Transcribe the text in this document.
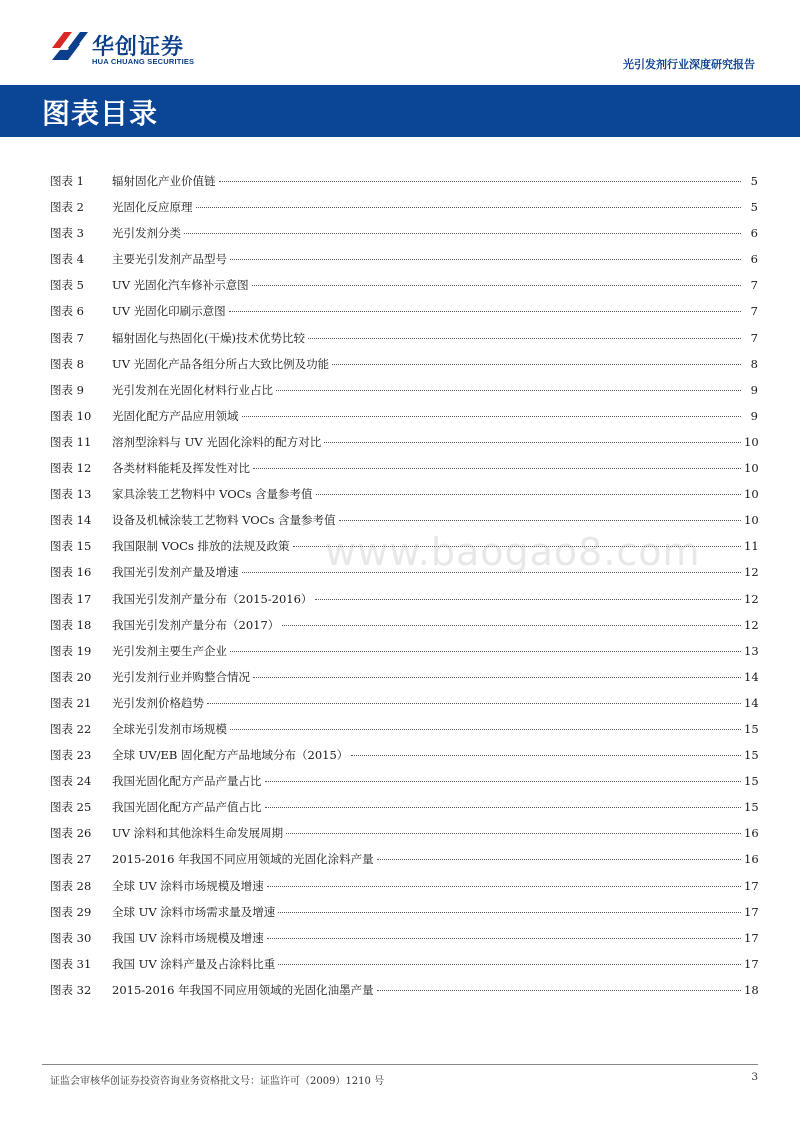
华创证券
HUA CHUANG SECURITIES	光引发剂行业深度研究报告
图表目录
图表 1	辐射固化产业价值链	5
图表 2	光固化反应原理	5
图表 3	光引发剂分类	6
图表 4	主要光引发剂产品型号	6
图表 5	UV 光固化汽车修补示意图	7
图表 6	UV 光固化印刷示意图	7
图表 7	辐射固化与热固化(干燥)技术优势比较	7
图表 8	UV 光固化产品各组分所占大致比例及功能	8
图表 9	光引发剂在光固化材料行业占比	9
图表 10	光固化配方产品应用领域	9
图表 11	溶剂型涂料与 UV 光固化涂料的配方对比	10
图表 12	各类材料能耗及挥发性对比	10
图表 13	家具涂装工艺物料中 VOCs 含量参考值	10
图表 14	设备及机械涂装工艺物料 VOCs 含量参考值	10
图表 15	我国限制 VOCs 排放的法规及政策	11
图表 16	我国光引发剂产量及增速	12
图表 17	我国光引发剂产量分布（2015-2016）	12
图表 18	我国光引发剂产量分布（2017）	12
图表 19	光引发剂主要生产企业	13
图表 20	光引发剂行业并购整合情况	14
图表 21	光引发剂价格趋势	14
图表 22	全球光引发剂市场规模	15
图表 23	全球 UV/EB 固化配方产品地域分布（2015）	15
图表 24	我国光固化配方产品产量占比	15
图表 25	我国光固化配方产品产值占比	15
图表 26	UV 涂料和其他涂料生命发展周期	16
图表 27	2015-2016 年我国不同应用领域的光固化涂料产量	16
图表 28	全球 UV 涂料市场规模及增速	17
图表 29	全球 UV 涂料市场需求量及增速	17
图表 30	我国 UV 涂料市场规模及增速	17
图表 31	我国 UV 涂料产量及占涂料比重	17
图表 32	2015-2016 年我国不同应用领域的光固化油墨产量	18
www.baogao8.com
证监会审核华创证券投资咨询业务资格批文号：证监许可（2009）1210 号	3
